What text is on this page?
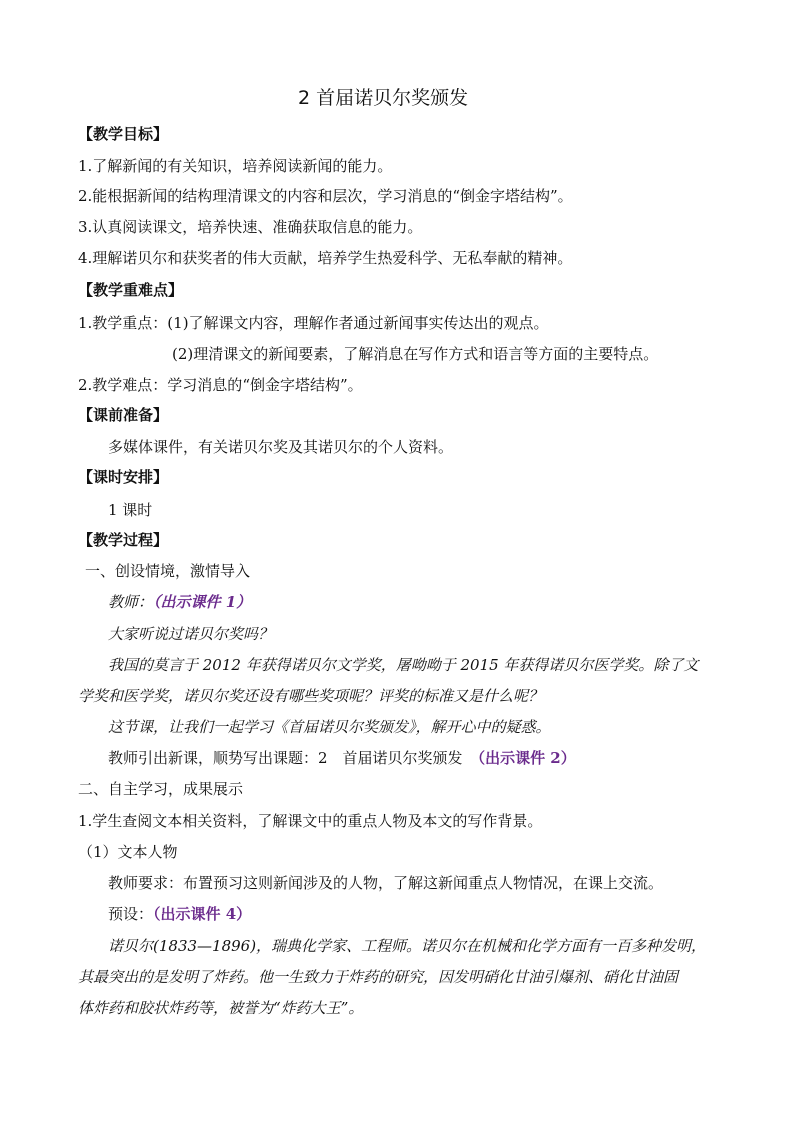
2 首届诺贝尔奖颁发
【教学目标】
1.了解新闻的有关知识，培养阅读新闻的能力。
2.能根据新闻的结构理清课文的内容和层次，学习消息的“倒金字塔结构”。
3.认真阅读课文，培养快速、准确获取信息的能力。
4.理解诺贝尔和获奖者的伟大贡献，培养学生热爱科学、无私奉献的精神。
【教学重难点】
1.教学重点：(1)了解课文内容，理解作者通过新闻事实传达出的观点。
(2)理清课文的新闻要素，了解消息在写作方式和语言等方面的主要特点。
2.教学难点：学习消息的“倒金字塔结构”。
【课前准备】
多媒体课件，有关诺贝尔奖及其诺贝尔的个人资料。
【课时安排】
1 课时
【教学过程】
一、创设情境，激情导入
教师：（出示课件 1）
大家听说过诺贝尔奖吗？
我国的莫言于 2012 年获得诺贝尔文学奖，屠呦呦于 2015 年获得诺贝尔医学奖。除了文
学奖和医学奖，诺贝尔奖还设有哪些奖项呢？评奖的标准又是什么呢？
这节课，让我们一起学习《首届诺贝尔奖颁发》，解开心中的疑惑。
教师引出新课，顺势写出课题：2　首届诺贝尔奖颁发　 （出示课件 2）
二、自主学习，成果展示
1.学生查阅文本相关资料，了解课文中的重点人物及本文的写作背景。
（1）文本人物
教师要求：布置预习这则新闻涉及的人物，了解这新闻重点人物情况，在课上交流。
预设：（出示课件 4）
诺贝尔(1833—1896)，瑞典化学家、工程师。诺贝尔在机械和化学方面有一百多种发明，
其最突出的是发明了炸药。他一生致力于炸药的研究，因发明硝化甘油引爆剂、硝化甘油固
体炸药和胶状炸药等，被誉为“炸药大王”。
